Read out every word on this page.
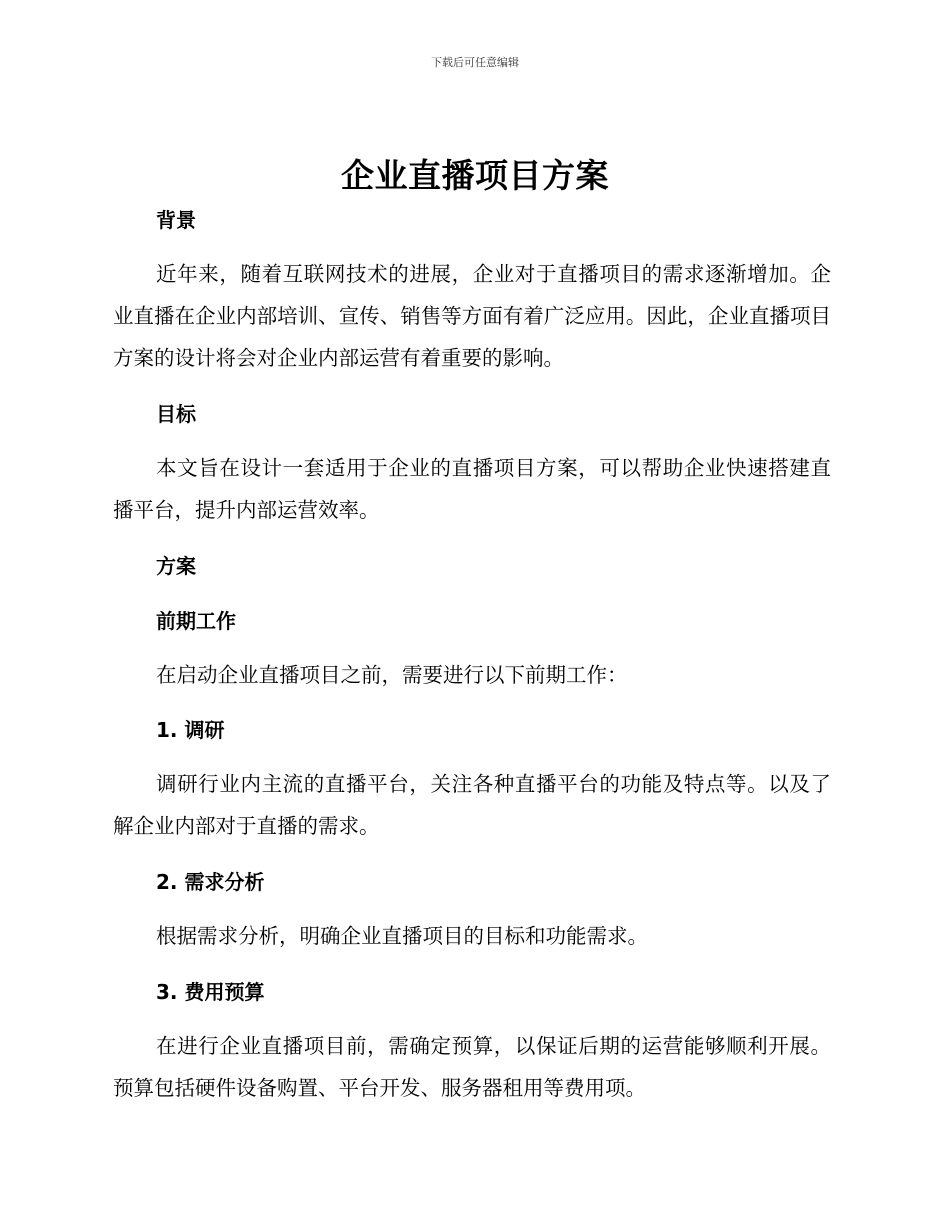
下载后可任意编辑
企业直播项目方案
背景

近年来，随着互联网技术的进展，企业对于直播项目的需求逐渐增加。企业直播在企业内部培训、宣传、销售等方面有着广泛应用。因此，企业直播项目方案的设计将会对企业内部运营有着重要的影响。

目标

本文旨在设计一套适用于企业的直播项目方案，可以帮助企业快速搭建直播平台，提升内部运营效率。

方案
前期工作

在启动企业直播项目之前，需要进行以下前期工作：

1. 调研

调研行业内主流的直播平台，关注各种直播平台的功能及特点等。以及了解企业内部对于直播的需求。

2. 需求分析

根据需求分析，明确企业直播项目的目标和功能需求。

3. 费用预算

在进行企业直播项目前，需确定预算，以保证后期的运营能够顺利开展。预算包括硬件设备购置、平台开发、服务器租用等费用项。
